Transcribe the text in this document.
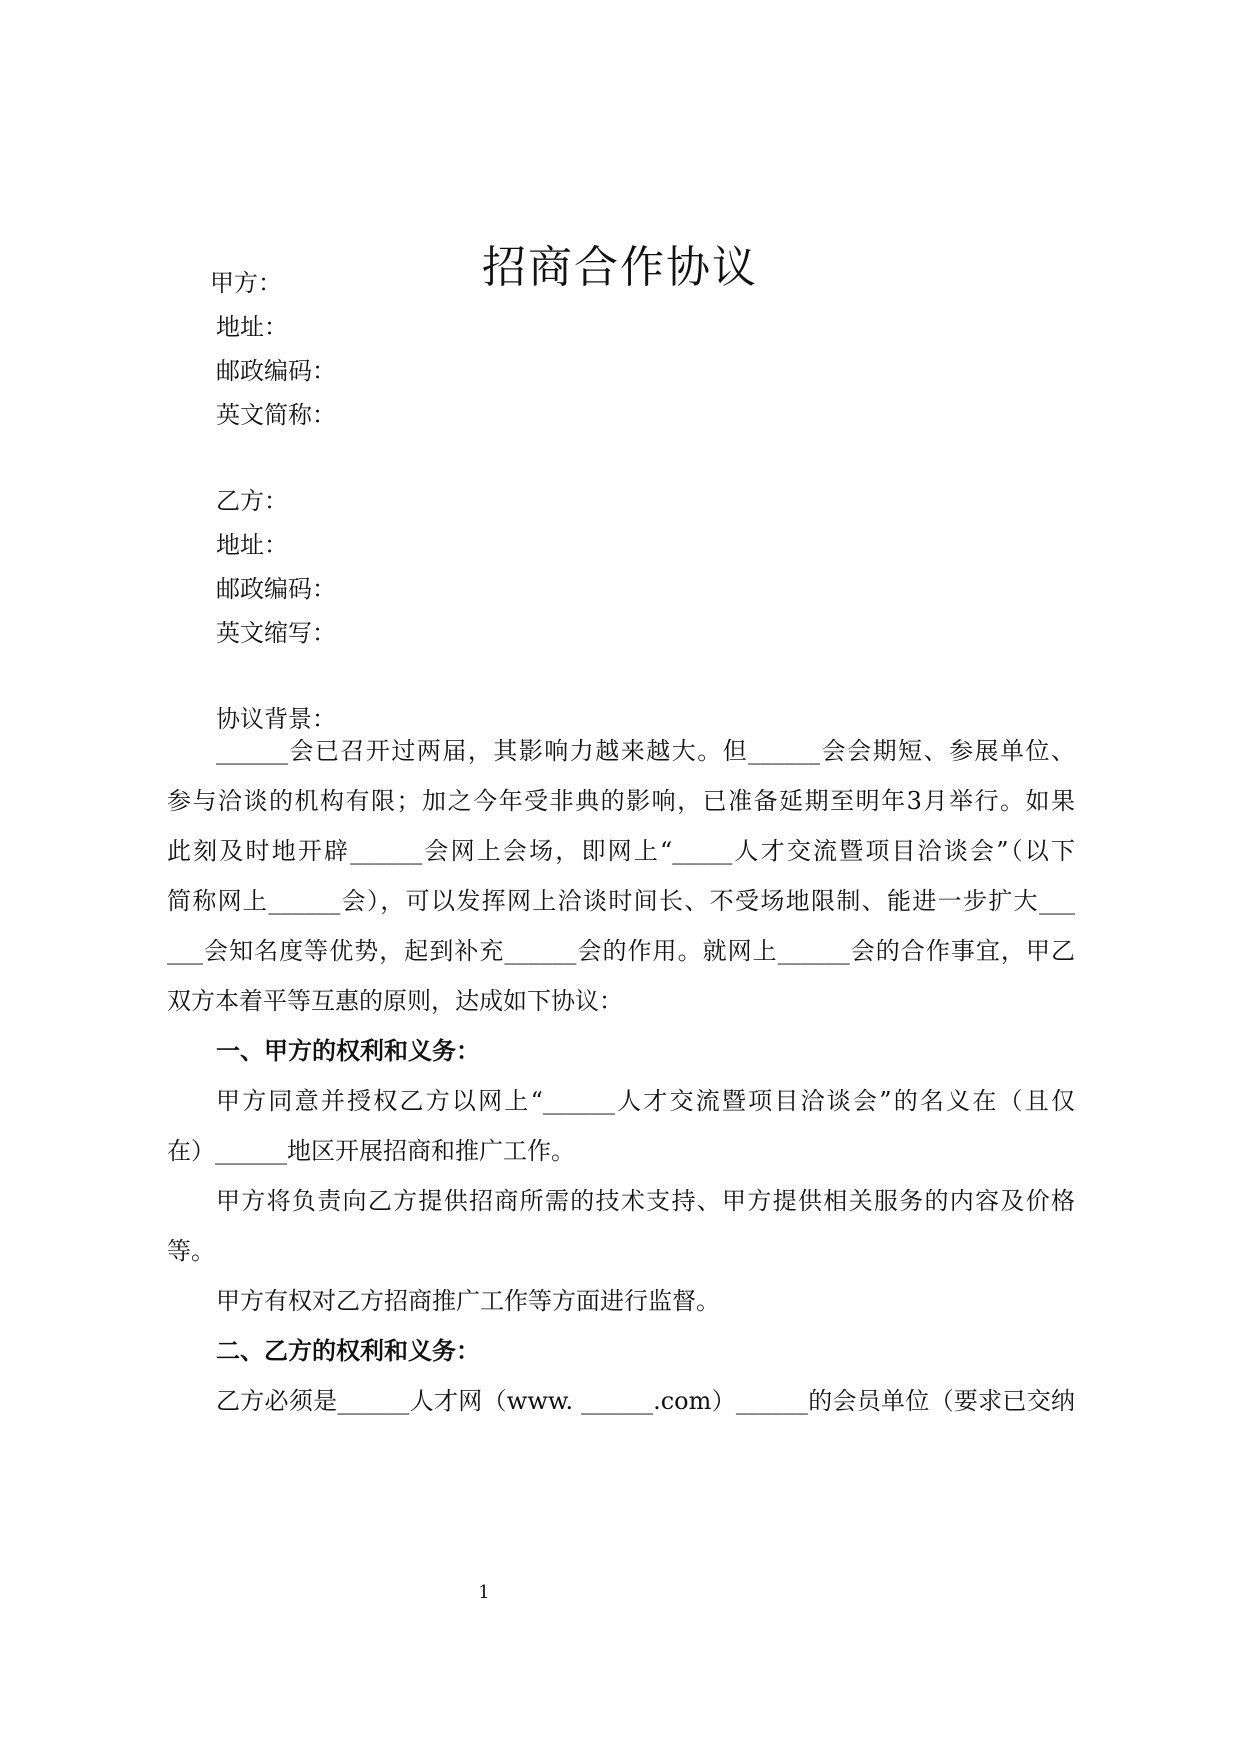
招商合作协议
甲方：
地址：
邮政编码：
英文简称：
乙方：
地址：
邮政编码：
英文缩写：
协议背景：
______会已召开过两届，其影响力越来越大。但______会会期短、参展单位、
参与洽谈的机构有限；加之今年受非典的影响，已准备延期至明年3月举行。如果
此刻及时地开辟______会网上会场，即网上“_____人才交流暨项目洽谈会”（以下
简称网上______会），可以发挥网上洽谈时间长、不受场地限制、能进一步扩大___
___会知名度等优势，起到补充______会的作用。就网上______会的合作事宜，甲乙
双方本着平等互惠的原则，达成如下协议：
一、甲方的权利和义务：
甲方同意并授权乙方以网上“______人才交流暨项目洽谈会”的名义在（且仅
在）______地区开展招商和推广工作。
甲方将负责向乙方提供招商所需的技术支持、甲方提供相关服务的内容及价格
等。
甲方有权对乙方招商推广工作等方面进行监督。
二、乙方的权利和义务：
乙方必须是______人才网（www. ______.com）______的会员单位（要求已交纳
1
